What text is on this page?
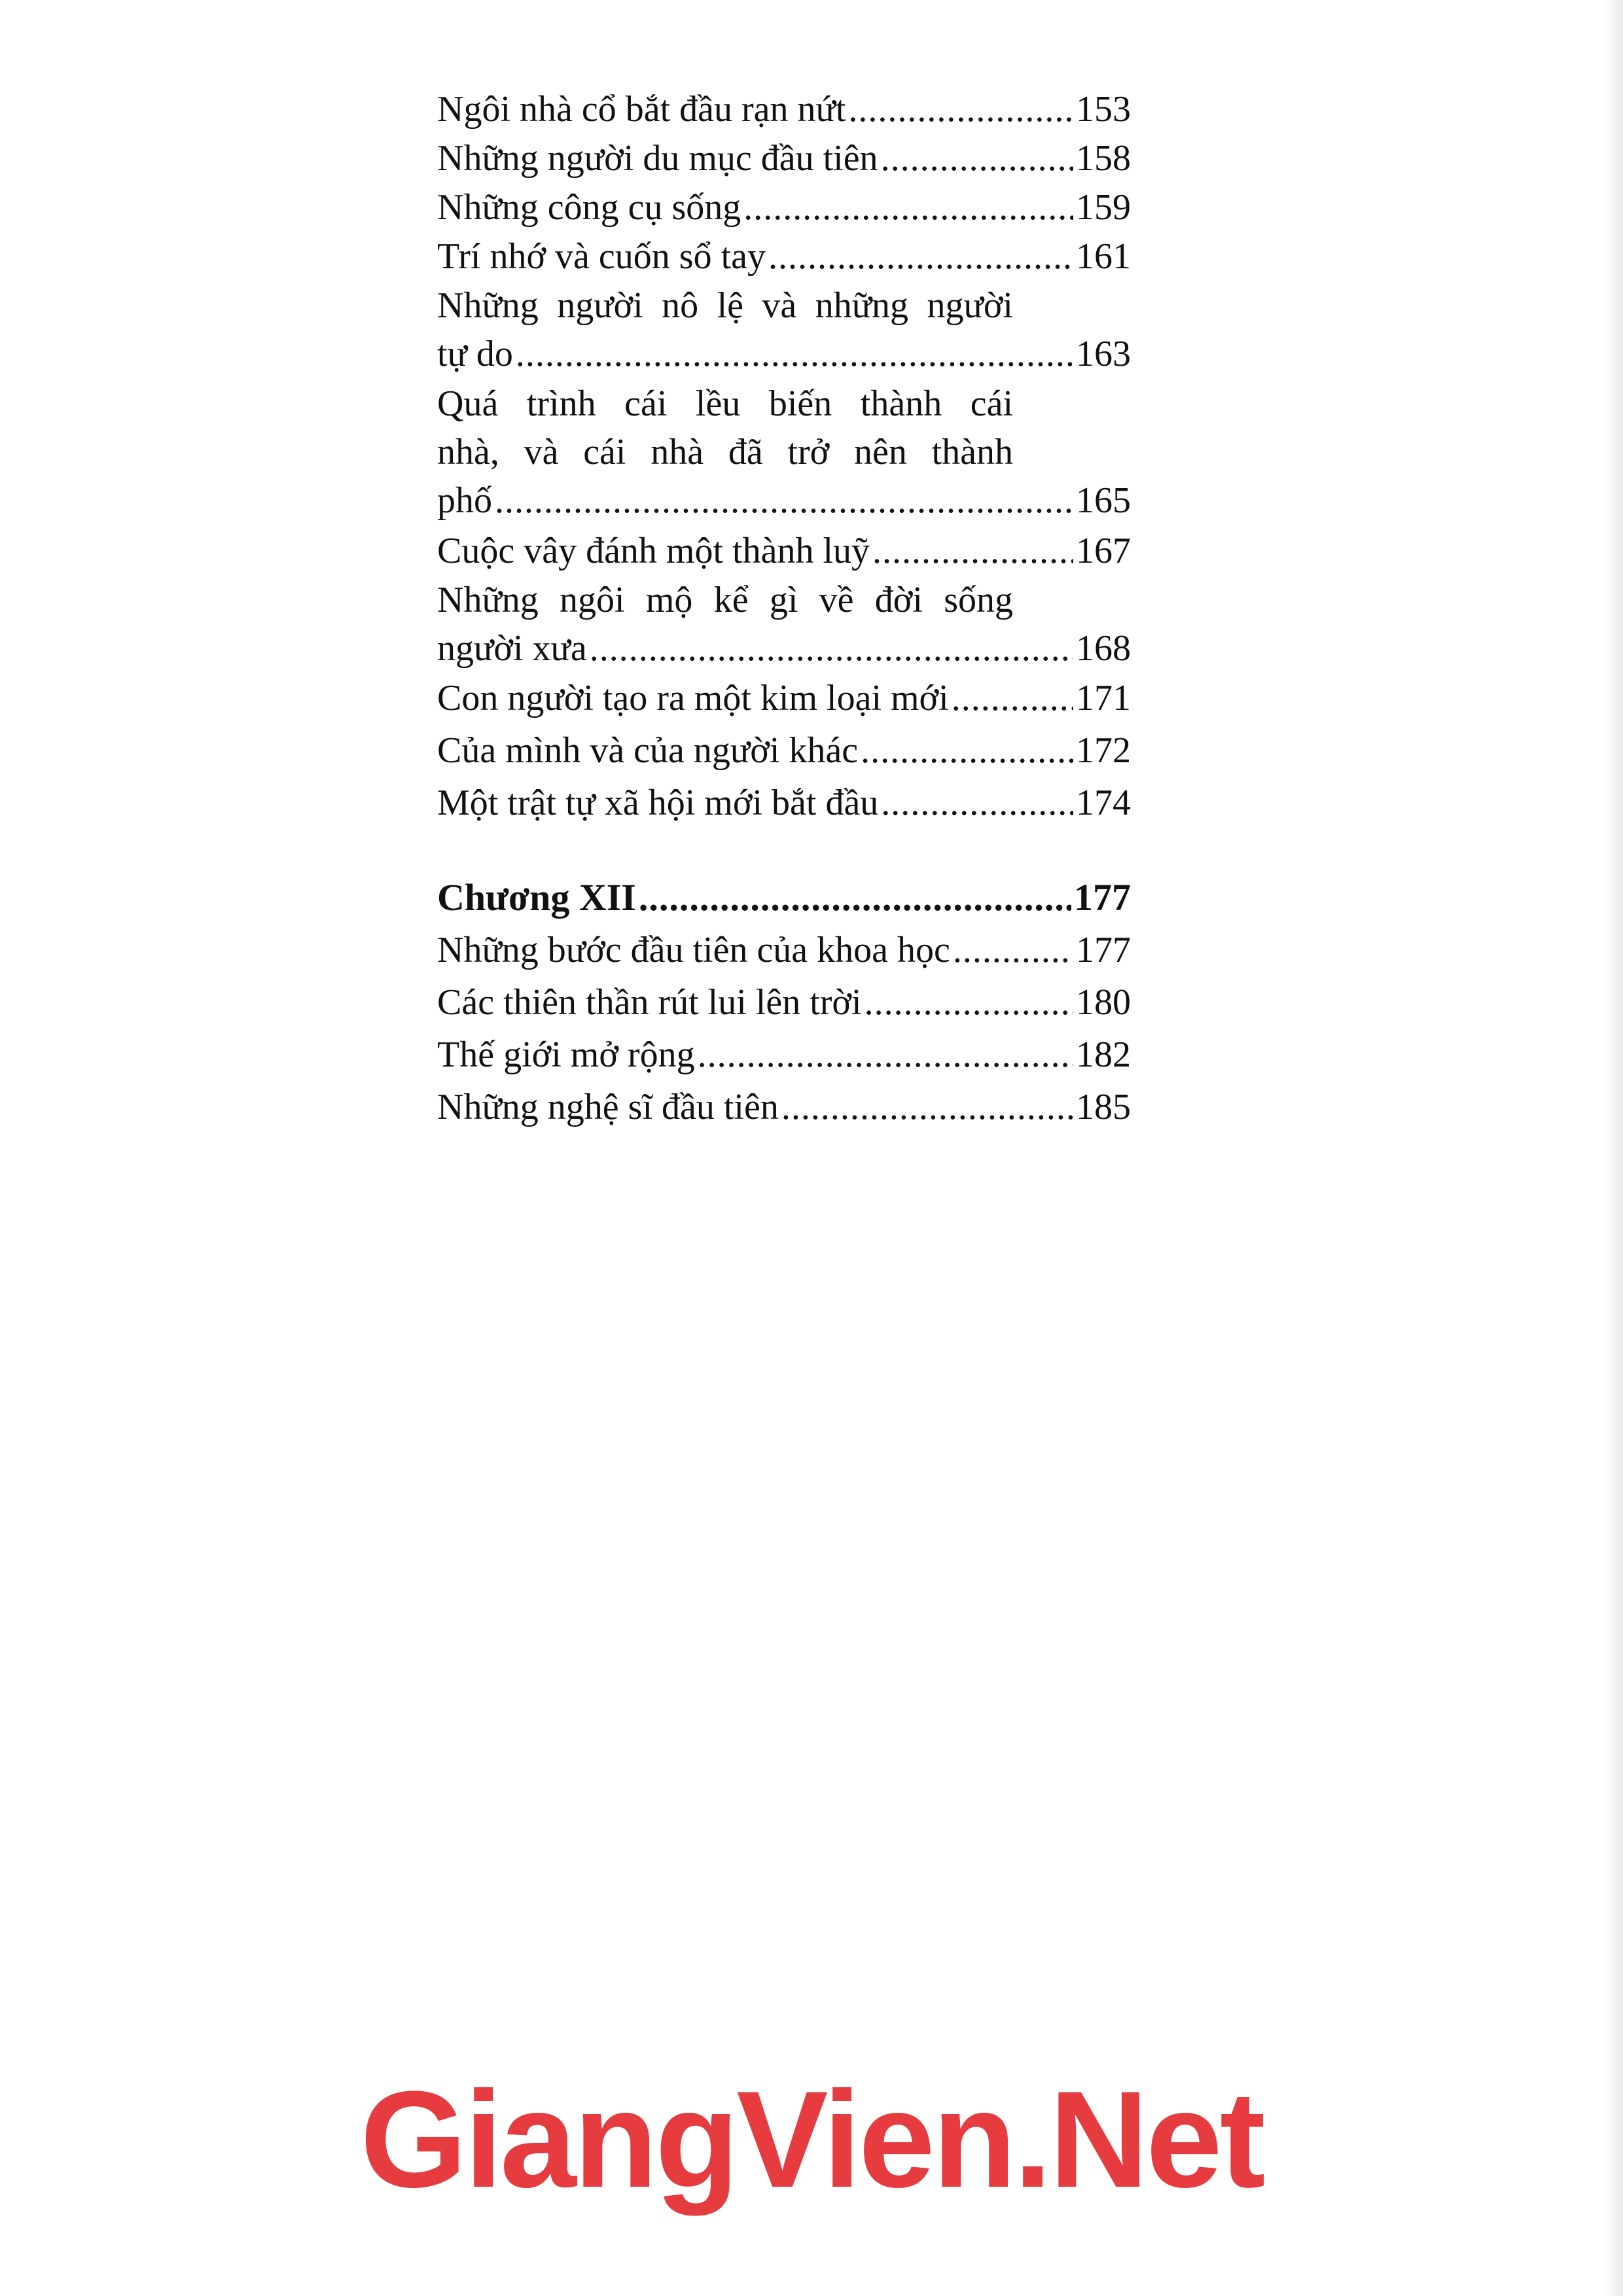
Ngôi nhà cổ bắt đầu rạn nứt .....	153
Những người du mục đầu tiên .....	158
Những công cụ sống .....	159
Trí nhớ và cuốn sổ tay .....	161
Những người nô lệ và những người
tự do .....	163
Quá trình cái lều biến thành cái
nhà, và cái nhà đã trở nên thành
phố .....	165
Cuộc vây đánh một thành luỹ .....	167
Những ngôi mộ kể gì về đời sống
người xưa .....	168
Con người tạo ra một kim loại mới .....	171
Của mình và của người khác .....	172
Một trật tự xã hội mới bắt đầu .....	174
Chương XII .....	177
Những bước đầu tiên của khoa học .....	177
Các thiên thần rút lui lên trời .....	180
Thế giới mở rộng .....	182
Những nghệ sĩ đầu tiên .....	185
GiangVien.Net
